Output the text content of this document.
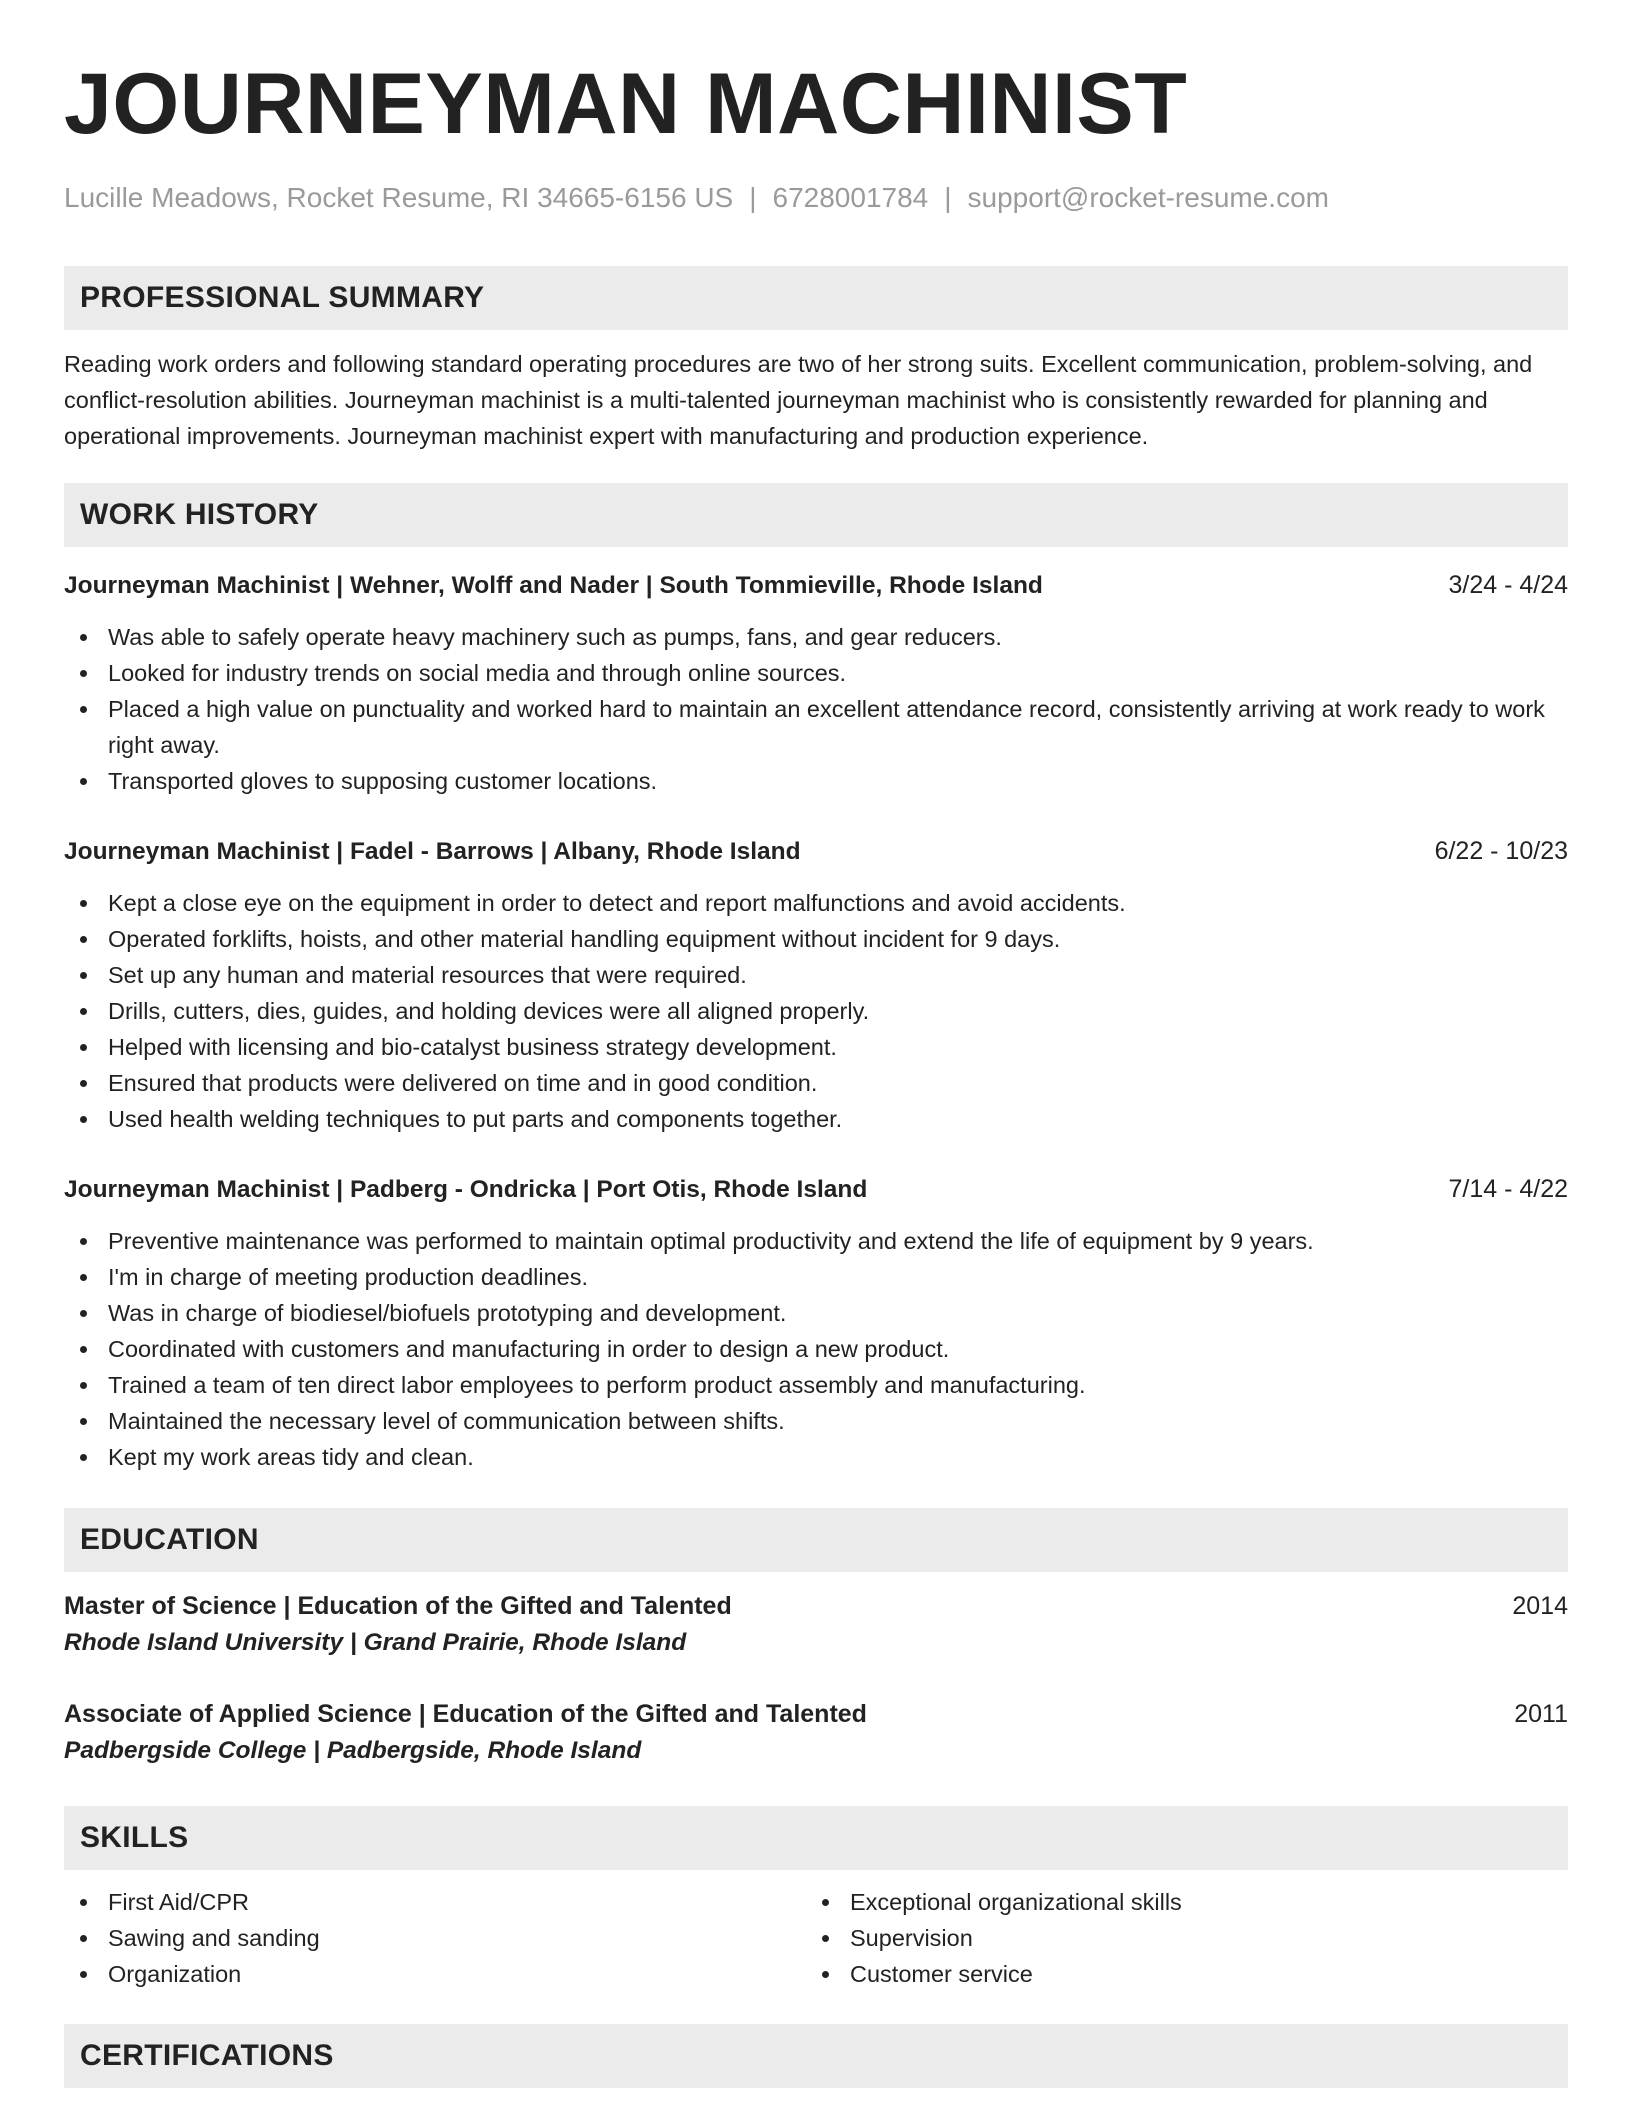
JOURNEYMAN MACHINIST
Lucille Meadows, Rocket Resume, RI 34665-6156 US | 6728001784 | support@rocket-resume.com
PROFESSIONAL SUMMARY
Reading work orders and following standard operating procedures are two of her strong suits. Excellent communication, problem-solving, and conflict-resolution abilities. Journeyman machinist is a multi-talented journeyman machinist who is consistently rewarded for planning and operational improvements. Journeyman machinist expert with manufacturing and production experience.
WORK HISTORY
Journeyman Machinist | Wehner, Wolff and Nader | South Tommieville, Rhode Island	3/24 - 4/24
Was able to safely operate heavy machinery such as pumps, fans, and gear reducers.
Looked for industry trends on social media and through online sources.
Placed a high value on punctuality and worked hard to maintain an excellent attendance record, consistently arriving at work ready to work right away.
Transported gloves to supposing customer locations.
Journeyman Machinist | Fadel - Barrows | Albany, Rhode Island	6/22 - 10/23
Kept a close eye on the equipment in order to detect and report malfunctions and avoid accidents.
Operated forklifts, hoists, and other material handling equipment without incident for 9 days.
Set up any human and material resources that were required.
Drills, cutters, dies, guides, and holding devices were all aligned properly.
Helped with licensing and bio-catalyst business strategy development.
Ensured that products were delivered on time and in good condition.
Used health welding techniques to put parts and components together.
Journeyman Machinist | Padberg - Ondricka | Port Otis, Rhode Island	7/14 - 4/22
Preventive maintenance was performed to maintain optimal productivity and extend the life of equipment by 9 years.
I'm in charge of meeting production deadlines.
Was in charge of biodiesel/biofuels prototyping and development.
Coordinated with customers and manufacturing in order to design a new product.
Trained a team of ten direct labor employees to perform product assembly and manufacturing.
Maintained the necessary level of communication between shifts.
Kept my work areas tidy and clean.
EDUCATION
Master of Science | Education of the Gifted and Talented	2014
Rhode Island University | Grand Prairie, Rhode Island
Associate of Applied Science | Education of the Gifted and Talented	2011
Padbergside College | Padbergside, Rhode Island
SKILLS
First Aid/CPR
Sawing and sanding
Organization
Exceptional organizational skills
Supervision
Customer service
CERTIFICATIONS
